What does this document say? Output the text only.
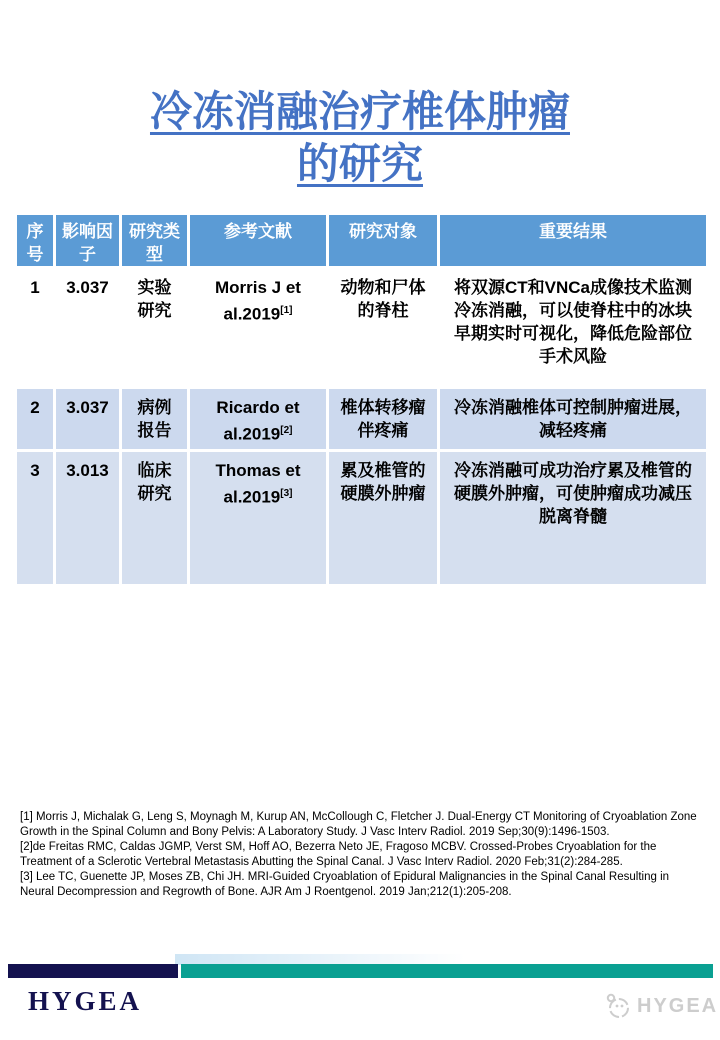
冷冻消融治疗椎体肿瘤
的研究
序号	影响因子	研究类型	参考文献	研究对象	重要结果
1	3.037	实验研究	Morris J et al.2019[1]	动物和尸体的脊柱	将双源CT和VNCa成像技术监测冷冻消融，可以使脊柱中的冰块早期实时可视化，降低危险部位手术风险
2	3.037	病例报告	Ricardo et al.2019[2]	椎体转移瘤伴疼痛	冷冻消融椎体可控制肿瘤进展，减轻疼痛
3	3.013	临床研究	Thomas et al.2019[3]	累及椎管的硬膜外肿瘤	冷冻消融可成功治疗累及椎管的硬膜外肿瘤，可使肿瘤成功减压脱离脊髓

[1] Morris J, Michalak G, Leng S, Moynagh M, Kurup AN, McCollough C, Fletcher J. Dual-Energy CT Monitoring of Cryoablation Zone Growth in the Spinal Column and Bony Pelvis: A Laboratory Study. J Vasc Interv Radiol. 2019 Sep;30(9):1496-1503.

[2]de Freitas RMC, Caldas JGMP, Verst SM, Hoff AO, Bezerra Neto JE, Fragoso MCBV. Crossed-Probes Cryoablation for the Treatment of a Sclerotic Vertebral Metastasis Abutting the Spinal Canal. J Vasc Interv Radiol. 2020 Feb;31(2):284-285.

[3] Lee TC, Guenette JP, Moses ZB, Chi JH. MRI-Guided Cryoablation of Epidural Malignancies in the Spinal Canal Resulting in Neural Decompression and Regrowth of Bone. AJR Am J Roentgenol. 2019 Jan;212(1):205-208.

HYGEA	HYGEA
